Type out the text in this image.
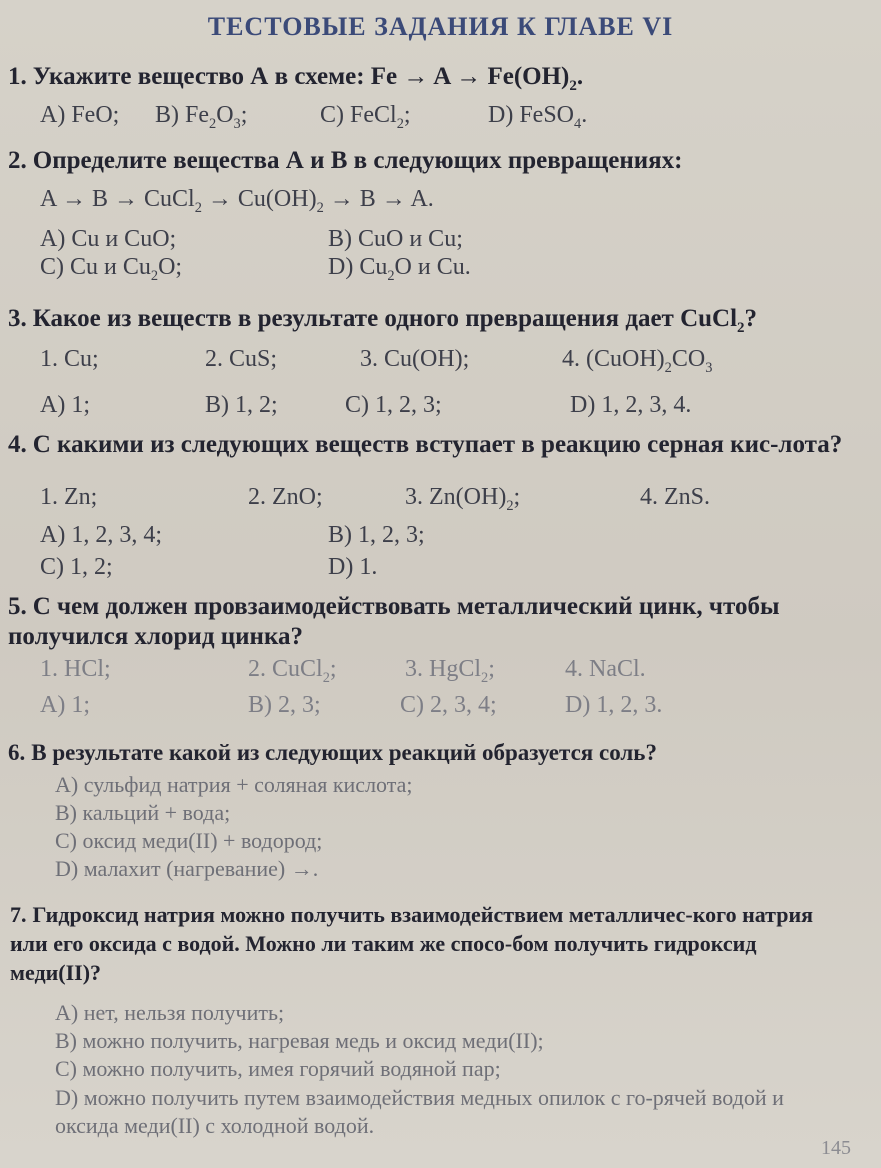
ТЕСТОВЫЕ ЗАДАНИЯ К ГЛАВЕ VI
1. Укажите вещество А в схеме: $Fe \to A \to Fe(OH)_2$.
A) FeO; B) $Fe_2O_3$;	C) FeCl$_2$;	D) FeSO$_4$.
2. Определите вещества А и В в следующих превращениях:
A → B → CuCl$_2$ → $Cu(OH)_2 \to B \to A$.
A) Cu и CuO;	B) CuO и Cu;
C) Cu и $Cu_2O$;	D) $Cu_2O$ и Cu.
3. Какое из веществ в результате одного превращения дает CuCl$_2$?
1. Cu;	2. CuS;	3. Cu(OH);	4. $(CuOH)_2CO_3$
A) 1;	B) 1, 2;	C) 1, 2, 3;	D) 1, 2, 3, 4.
4. С какими из следующих веществ вступает в реакцию серная кис-лота?
1. Zn;	2. ZnO;	3. $Zn(OH)_2$;	4. ZnS.
A) 1, 2, 3, 4;	B) 1, 2, 3;
C) 1, 2;	D) 1.
5. С чем должен провзаимодействовать металлический цинк, чтобы получился хлорид цинка?
1. HCl;	2. CuCl$_2$;	3. HgCl$_2$;	4. NaCl.
A) 1;	B) 2, 3;	C) 2, 3, 4;	D) 1, 2, 3.
6. В результате какой из следующих реакций образуется соль?
A) сульфид натрия + соляная кислота;
B) кальций + вода;
C) оксид меди(II) + водород;
D) малахит (нагревание) →.
7. Гидроксид натрия можно получить взаимодействием металличес-кого натрия или его оксида с водой. Можно ли таким же спосо-бом получить гидроксид меди(II)?
A) нет, нельзя получить;
B) можно получить, нагревая медь и оксид меди(II);
C) можно получить, имея горячий водяной пар;
D) можно получить путем взаимодействия медных опилок с го-рячей водой и оксида меди(II) с холодной водой.
145
